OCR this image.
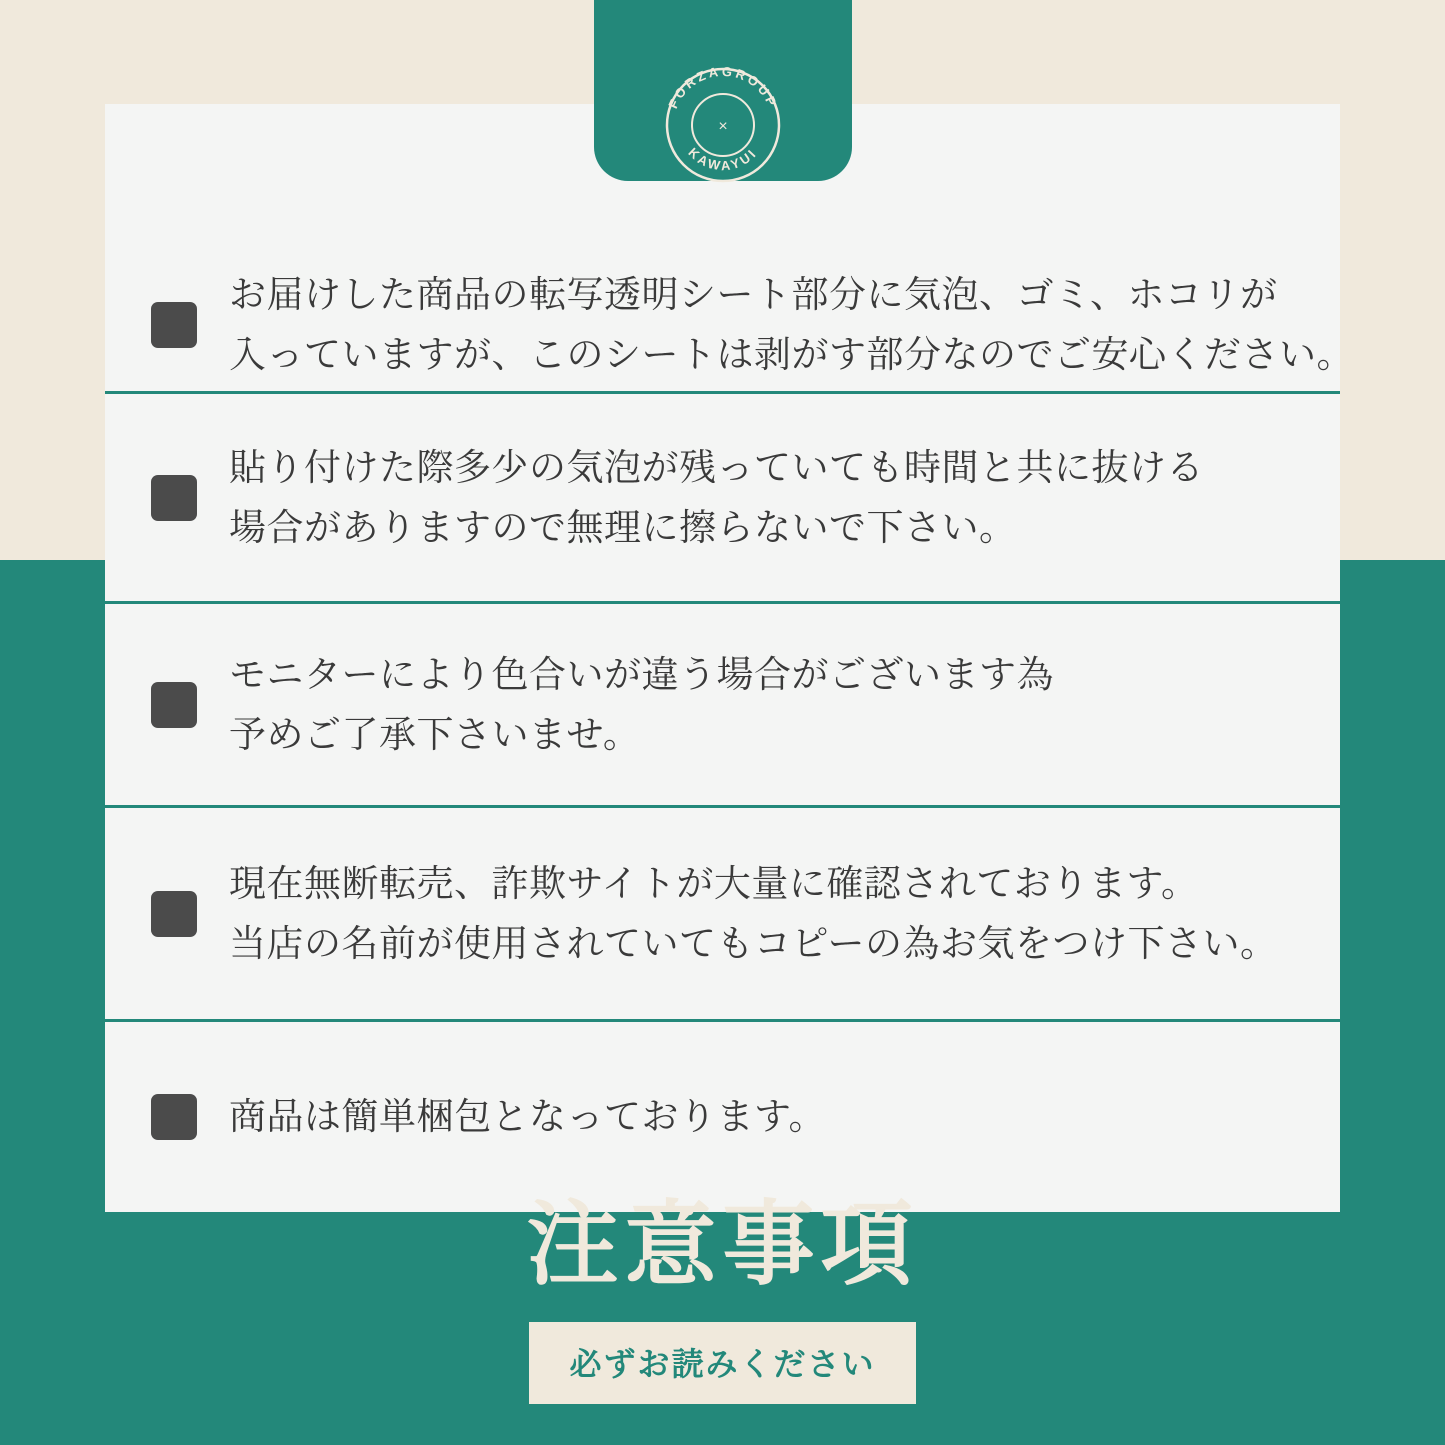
FORZAGROUP
KAWAYUI
×
お届けした商品の転写透明シート部分に気泡、ゴミ、ホコリが
入っていますが、このシートは剥がす部分なのでご安心ください。
貼り付けた際多少の気泡が残っていても時間と共に抜ける
場合がありますので無理に擦らないで下さい。
モニターにより色合いが違う場合がございます為
予めご了承下さいませ。
現在無断転売、詐欺サイトが大量に確認されております。
当店の名前が使用されていてもコピーの為お気をつけ下さい。
商品は簡単梱包となっております。
注意事項
必ずお読みください
